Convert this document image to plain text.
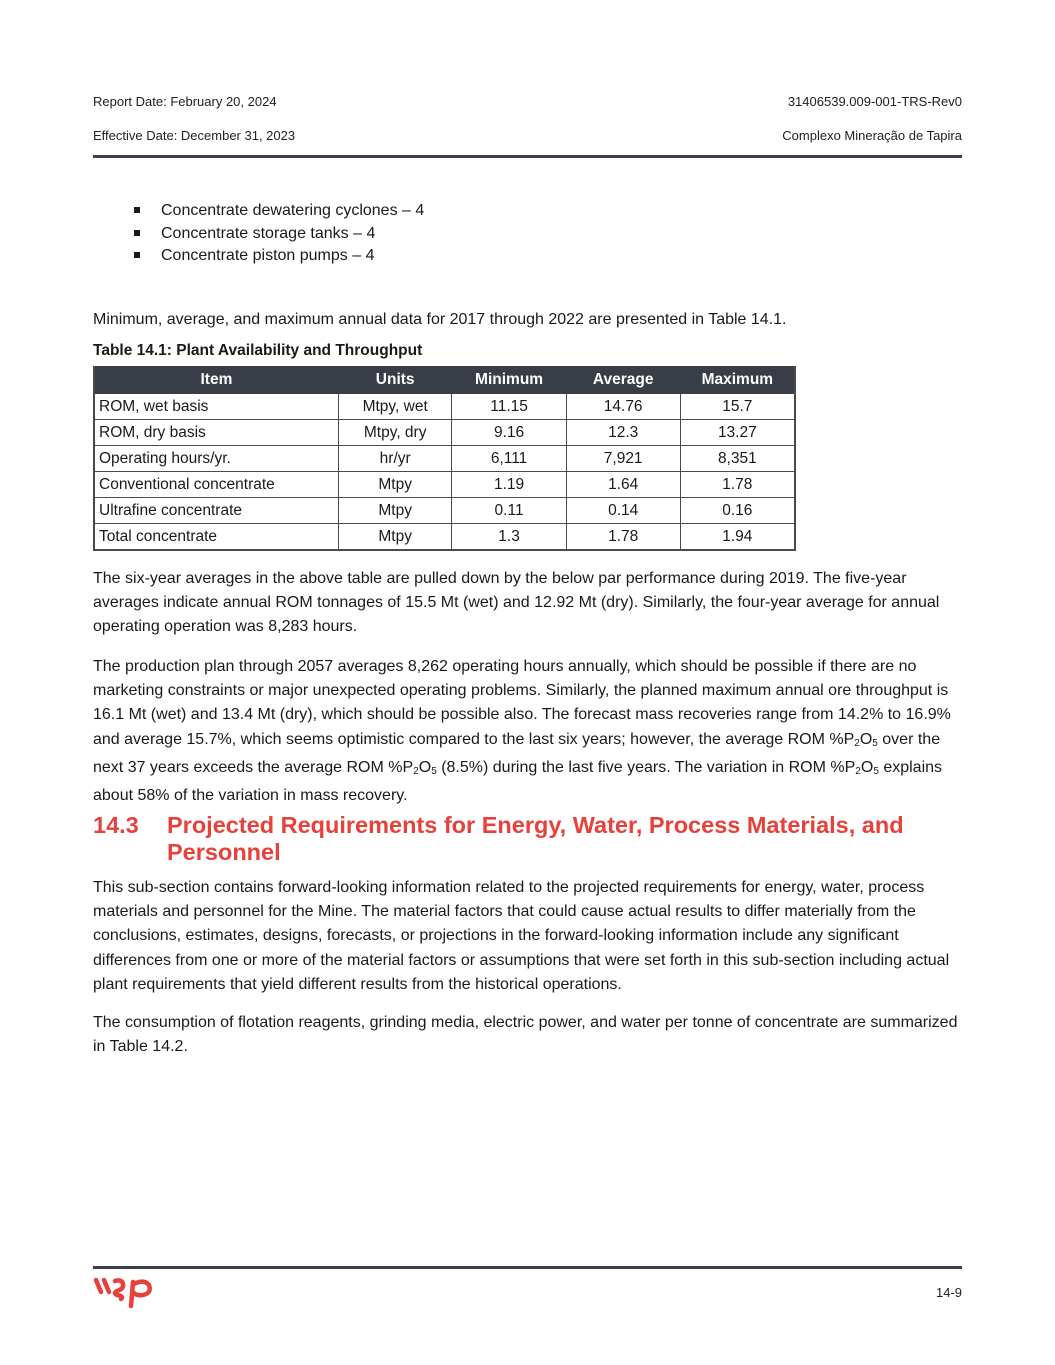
Report Date: February 20, 2024
Effective Date: December 31, 2023
31406539.009-001-TRS-Rev0
Complexo Mineração de Tapira
Concentrate dewatering cyclones – 4
Concentrate storage tanks – 4
Concentrate piston pumps – 4

Minimum, average, and maximum annual data for 2017 through 2022 are presented in Table 14.1.

Table 14.1: Plant Availability and Throughput
Item	Units	Minimum	Average	Maximum
ROM, wet basis	Mtpy, wet	11.15	14.76	15.7
ROM, dry basis	Mtpy, dry	9.16	12.3	13.27
Operating hours/yr.	hr/yr	6,111	7,921	8,351
Conventional concentrate	Mtpy	1.19	1.64	1.78
Ultrafine concentrate	Mtpy	0.11	0.14	0.16
Total concentrate	Mtpy	1.3	1.78	1.94

The six-year averages in the above table are pulled down by the below par performance during 2019. The five-year averages indicate annual ROM tonnages of 15.5 Mt (wet) and 12.92 Mt (dry). Similarly, the four-year average for annual operating operation was 8,283 hours.

The production plan through 2057 averages 8,262 operating hours annually, which should be possible if there are no marketing constraints or major unexpected operating problems. Similarly, the planned maximum annual ore throughput is 16.1 Mt (wet) and 13.4 Mt (dry), which should be possible also. The forecast mass recoveries range from 14.2% to 16.9% and average 15.7%, which seems optimistic compared to the last six years; however, the average ROM $\%P_2O_5$ over the next 37 years exceeds the average ROM $\%P_2O_5$ (8.5%) during the last five years. The variation in ROM $\%P_2O_5$ explains about 58% of the variation in mass recovery.

14.3 Projected Requirements for Energy, Water, Process Materials, and Personnel

This sub-section contains forward-looking information related to the projected requirements for energy, water, process materials and personnel for the Mine. The material factors that could cause actual results to differ materially from the conclusions, estimates, designs, forecasts, or projections in the forward-looking information include any significant differences from one or more of the material factors or assumptions that were set forth in this sub-section including actual plant requirements that yield different results from the historical operations.

The consumption of flotation reagents, grinding media, electric power, and water per tonne of concentrate are summarized in Table 14.2.

14-9
